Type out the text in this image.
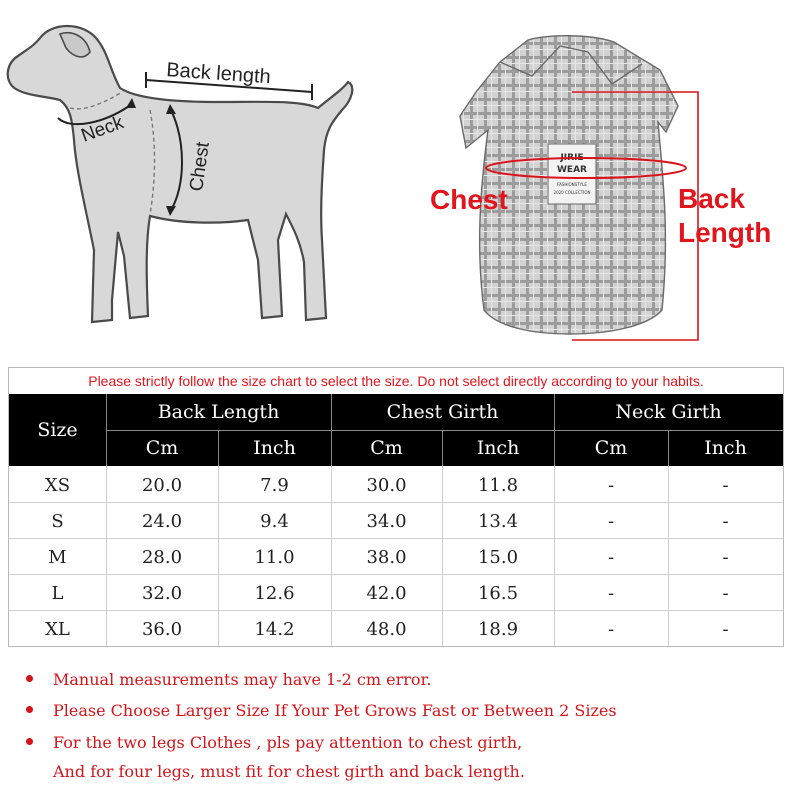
Back length
Neck
Chest	JIRIE
WEAR
FASHIONSTYLE
2020 COLLECTION
Chest	Back
Length
Please strictly follow the size chart to select the size. Do not select directly according to your habits.
Size
Back Length	Chest Girth	Neck Girth
Cm	Inch	Cm	Inch	Cm	Inch
XS	20.0	7.9	30.0	11.8	-	-
S	24.0	9.4	34.0	13.4	-	-
M	28.0	11.0	38.0	15.0	-	-
L	32.0	12.6	42.0	16.5	-	-
XL	36.0	14.2	48.0	18.9	-	-
Manual measurements may have 1-2 cm error.
Please Choose Larger Size If Your Pet Grows Fast or Between 2 Sizes
For the two legs Clothes , pls pay attention to chest girth,
And for four legs, must fit for chest girth and back length.
